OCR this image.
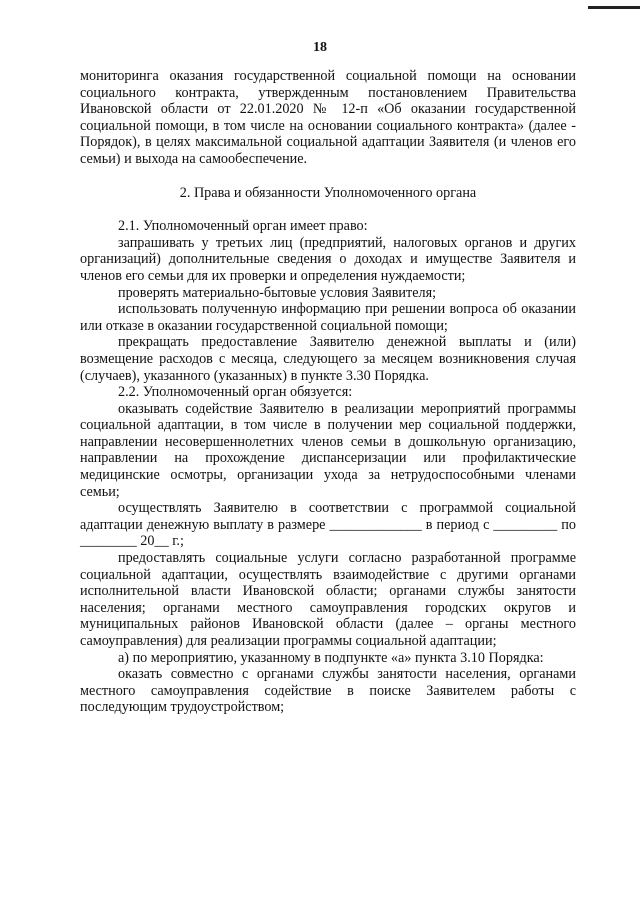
18

мониторинга оказания государственной социальной помощи на основании социального контракта, утвержденным постановлением Правительства Ивановской области от 22.01.2020 № 12-п «Об оказании государственной социальной помощи, в том числе на основании социального контракта» (далее - Порядок), в целях максимальной социальной адаптации Заявителя (и членов его семьи) и выхода на самообеспечение.

2. Права и обязанности Уполномоченного органа

2.1. Уполномоченный орган имеет право:

запрашивать у третьих лиц (предприятий, налоговых органов и других организаций) дополнительные сведения о доходах и имуществе Заявителя и членов его семьи для их проверки и определения нуждаемости;

проверять материально-бытовые условия Заявителя;

использовать полученную информацию при решении вопроса об оказании или отказе в оказании государственной социальной помощи;

прекращать предоставление Заявителю денежной выплаты и (или) возмещение расходов с месяца, следующего за месяцем возникновения случая (случаев), указанного (указанных) в пункте 3.30 Порядка.

2.2. Уполномоченный орган обязуется:

оказывать содействие Заявителю в реализации мероприятий программы социальной адаптации, в том числе в получении мер социальной поддержки, направлении несовершеннолетних членов семьи в дошкольную организацию, направлении на прохождение диспансеризации или профилактические медицинские осмотры, организации ухода за нетрудоспособными членами семьи;

осуществлять Заявителю в соответствии с программой социальной адаптации денежную выплату в размере _____________ в период с _________ по ________ 20__ г.;

предоставлять социальные услуги согласно разработанной программе социальной адаптации, осуществлять взаимодействие с другими органами исполнительной власти Ивановской области; органами службы занятости населения; органами местного самоуправления городских округов и муниципальных районов Ивановской области (далее – органы местного самоуправления) для реализации программы социальной адаптации;

а) по мероприятию, указанному в подпункте «а» пункта 3.10 Порядка:

оказать совместно с органами службы занятости населения, органами местного самоуправления содействие в поиске Заявителем работы с последующим трудоустройством;
